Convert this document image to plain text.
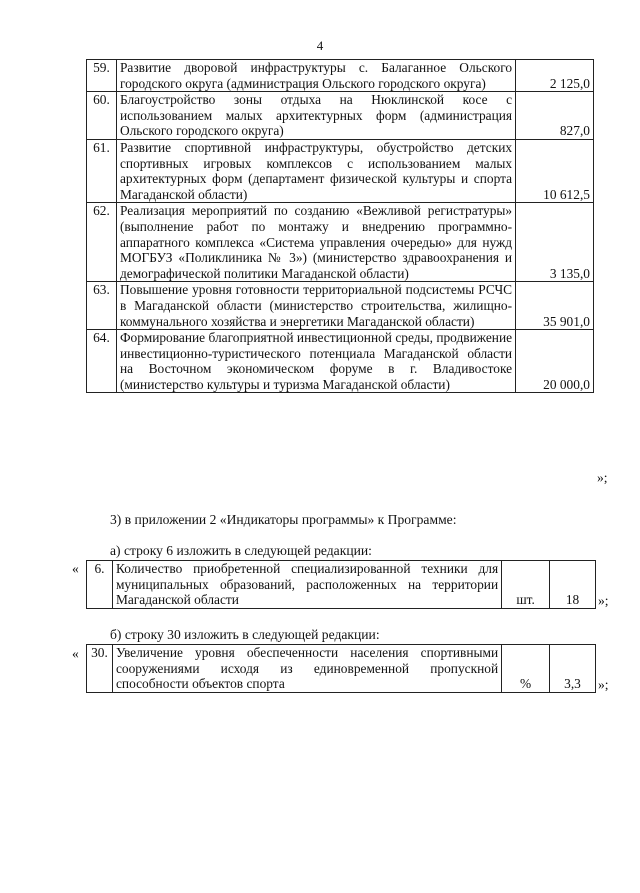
4
59.	Развитие дворовой инфраструктуры с. Балаганное Ольского городского округа (администрация Ольского городского округа)	2 125,0
60.	Благоустройство зоны отдыха на Нюклинской косе с использованием малых архитектурных форм (администрация Ольского городского округа)	827,0
61.	Развитие спортивной инфраструктуры, обустройство детских спортивных игровых комплексов с использованием малых архитектурных форм (департамент физической культуры и спорта Магаданской области)	10 612,5
62.	Реализация мероприятий по созданию «Вежливой регистратуры» (выполнение работ по монтажу и внедрению программно-аппаратного комплекса «Система управления очередью» для нужд МОГБУЗ «Поликлиника № 3») (министерство здравоохранения и демографической политики Магаданской области)	3 135,0
63.	Повышение уровня готовности территориальной подсистемы РСЧС в Магаданской области (министерство строительства, жилищно-коммунального хозяйства и энергетики Магаданской области)	35 901,0
64.	Формирование благоприятной инвестиционной среды, продвижение инвестиционно-туристического потенциала Магаданской области на Восточном экономическом форуме в г. Владивостоке (министерство культуры и туризма Магаданской области)	20 000,0
»;
3) в приложении 2 «Индикаторы программы» к Программе:
а) строку 6 изложить в следующей редакции:
« 6.	Количество приобретенной специализированной техники для муниципальных образований, расположенных на территории Магаданской области	шт.	18 »;
б) строку 30 изложить в следующей редакции:
« 30.	Увеличение уровня обеспеченности населения спортивными сооружениями исходя из единовременной пропускной способности объектов спорта	%	3,3 »;
